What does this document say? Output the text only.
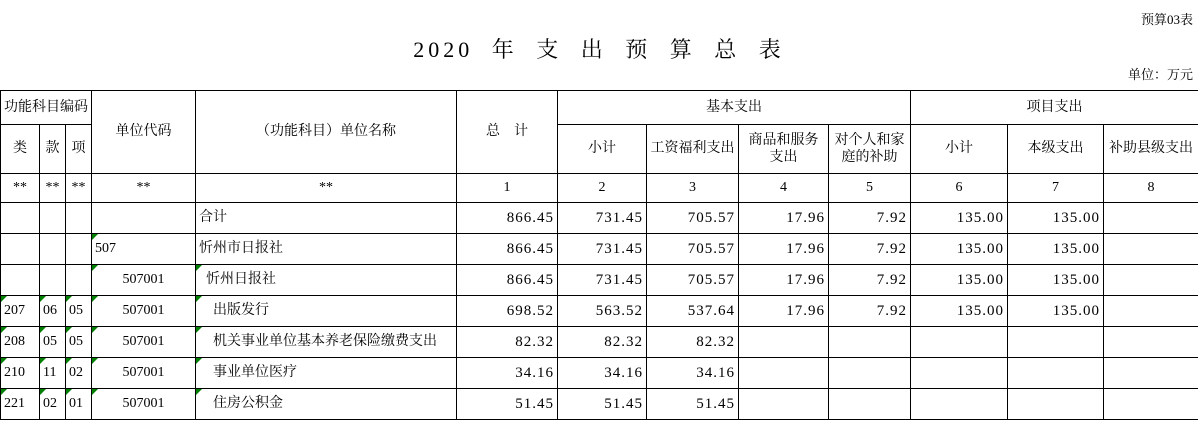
预算03表
2020 年 支 出 预 算 总 表
单位：万元
功能科目编码			单位代码	（功能科目）单位名称	总    计	基本支出				项目支出		
类	款	项				小计	工资福利支出	商品和服务支出	对个人和家庭的补助	小计	本级支出	补助县级支出
**	**	**	**	**	1	2	3	4	5	6	7	8
				合计	866.45	731.45	705.57	17.96	7.92	135.00	135.00	
			507	忻州市日报社	866.45	731.45	705.57	17.96	7.92	135.00	135.00	
			507001	忻州日报社	866.45	731.45	705.57	17.96	7.92	135.00	135.00	
207	06	05	507001	出版发行	698.52	563.52	537.64	17.96	7.92	135.00	135.00	
208	05	05	507001	机关事业单位基本养老保险缴费支出	82.32	82.32	82.32					
210	11	02	507001	事业单位医疗	34.16	34.16	34.16					
221	02	01	507001	住房公积金	51.45	51.45	51.45					
